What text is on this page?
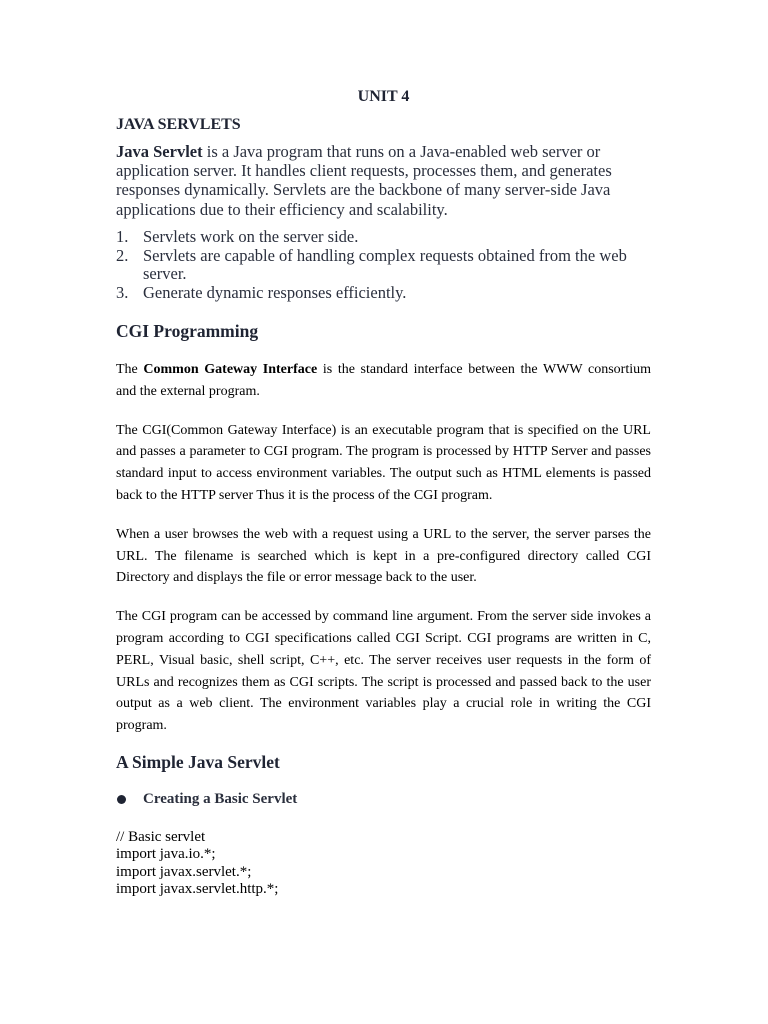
UNIT 4
JAVA SERVLETS

Java Servlet is a Java program that runs on a Java-enabled web server or application server. It handles client requests, processes them, and generates responses dynamically. Servlets are the backbone of many server-side Java applications due to their efficiency and scalability.

1. Servlets work on the server side.
2. Servlets are capable of handling complex requests obtained from the web server.
3. Generate dynamic responses efficiently.
CGI Programming

The Common Gateway Interface is the standard interface between the WWW consortium and the external program.

The CGI(Common Gateway Interface) is an executable program that is specified on the URL and passes a parameter to CGI program. The program is processed by HTTP Server and passes standard input to access environment variables. The output such as HTML elements is passed back to the HTTP server Thus it is the process of the CGI program.

When a user browses the web with a request using a URL to the server, the server parses the URL. The filename is searched which is kept in a pre-configured directory called CGI Directory and displays the file or error message back to the user.

The CGI program can be accessed by command line argument. From the server side invokes a program according to CGI specifications called CGI Script. CGI programs are written in C, PERL, Visual basic, shell script, C++, etc. The server receives user requests in the form of URLs and recognizes them as CGI scripts. The script is processed and passed back to the user output as a web client. The environment variables play a crucial role in writing the CGI program.

A Simple Java Servlet
Creating a Basic Servlet
// Basic servlet
import java.io.*;
import javax.servlet.*;
import javax.servlet.http.*;
